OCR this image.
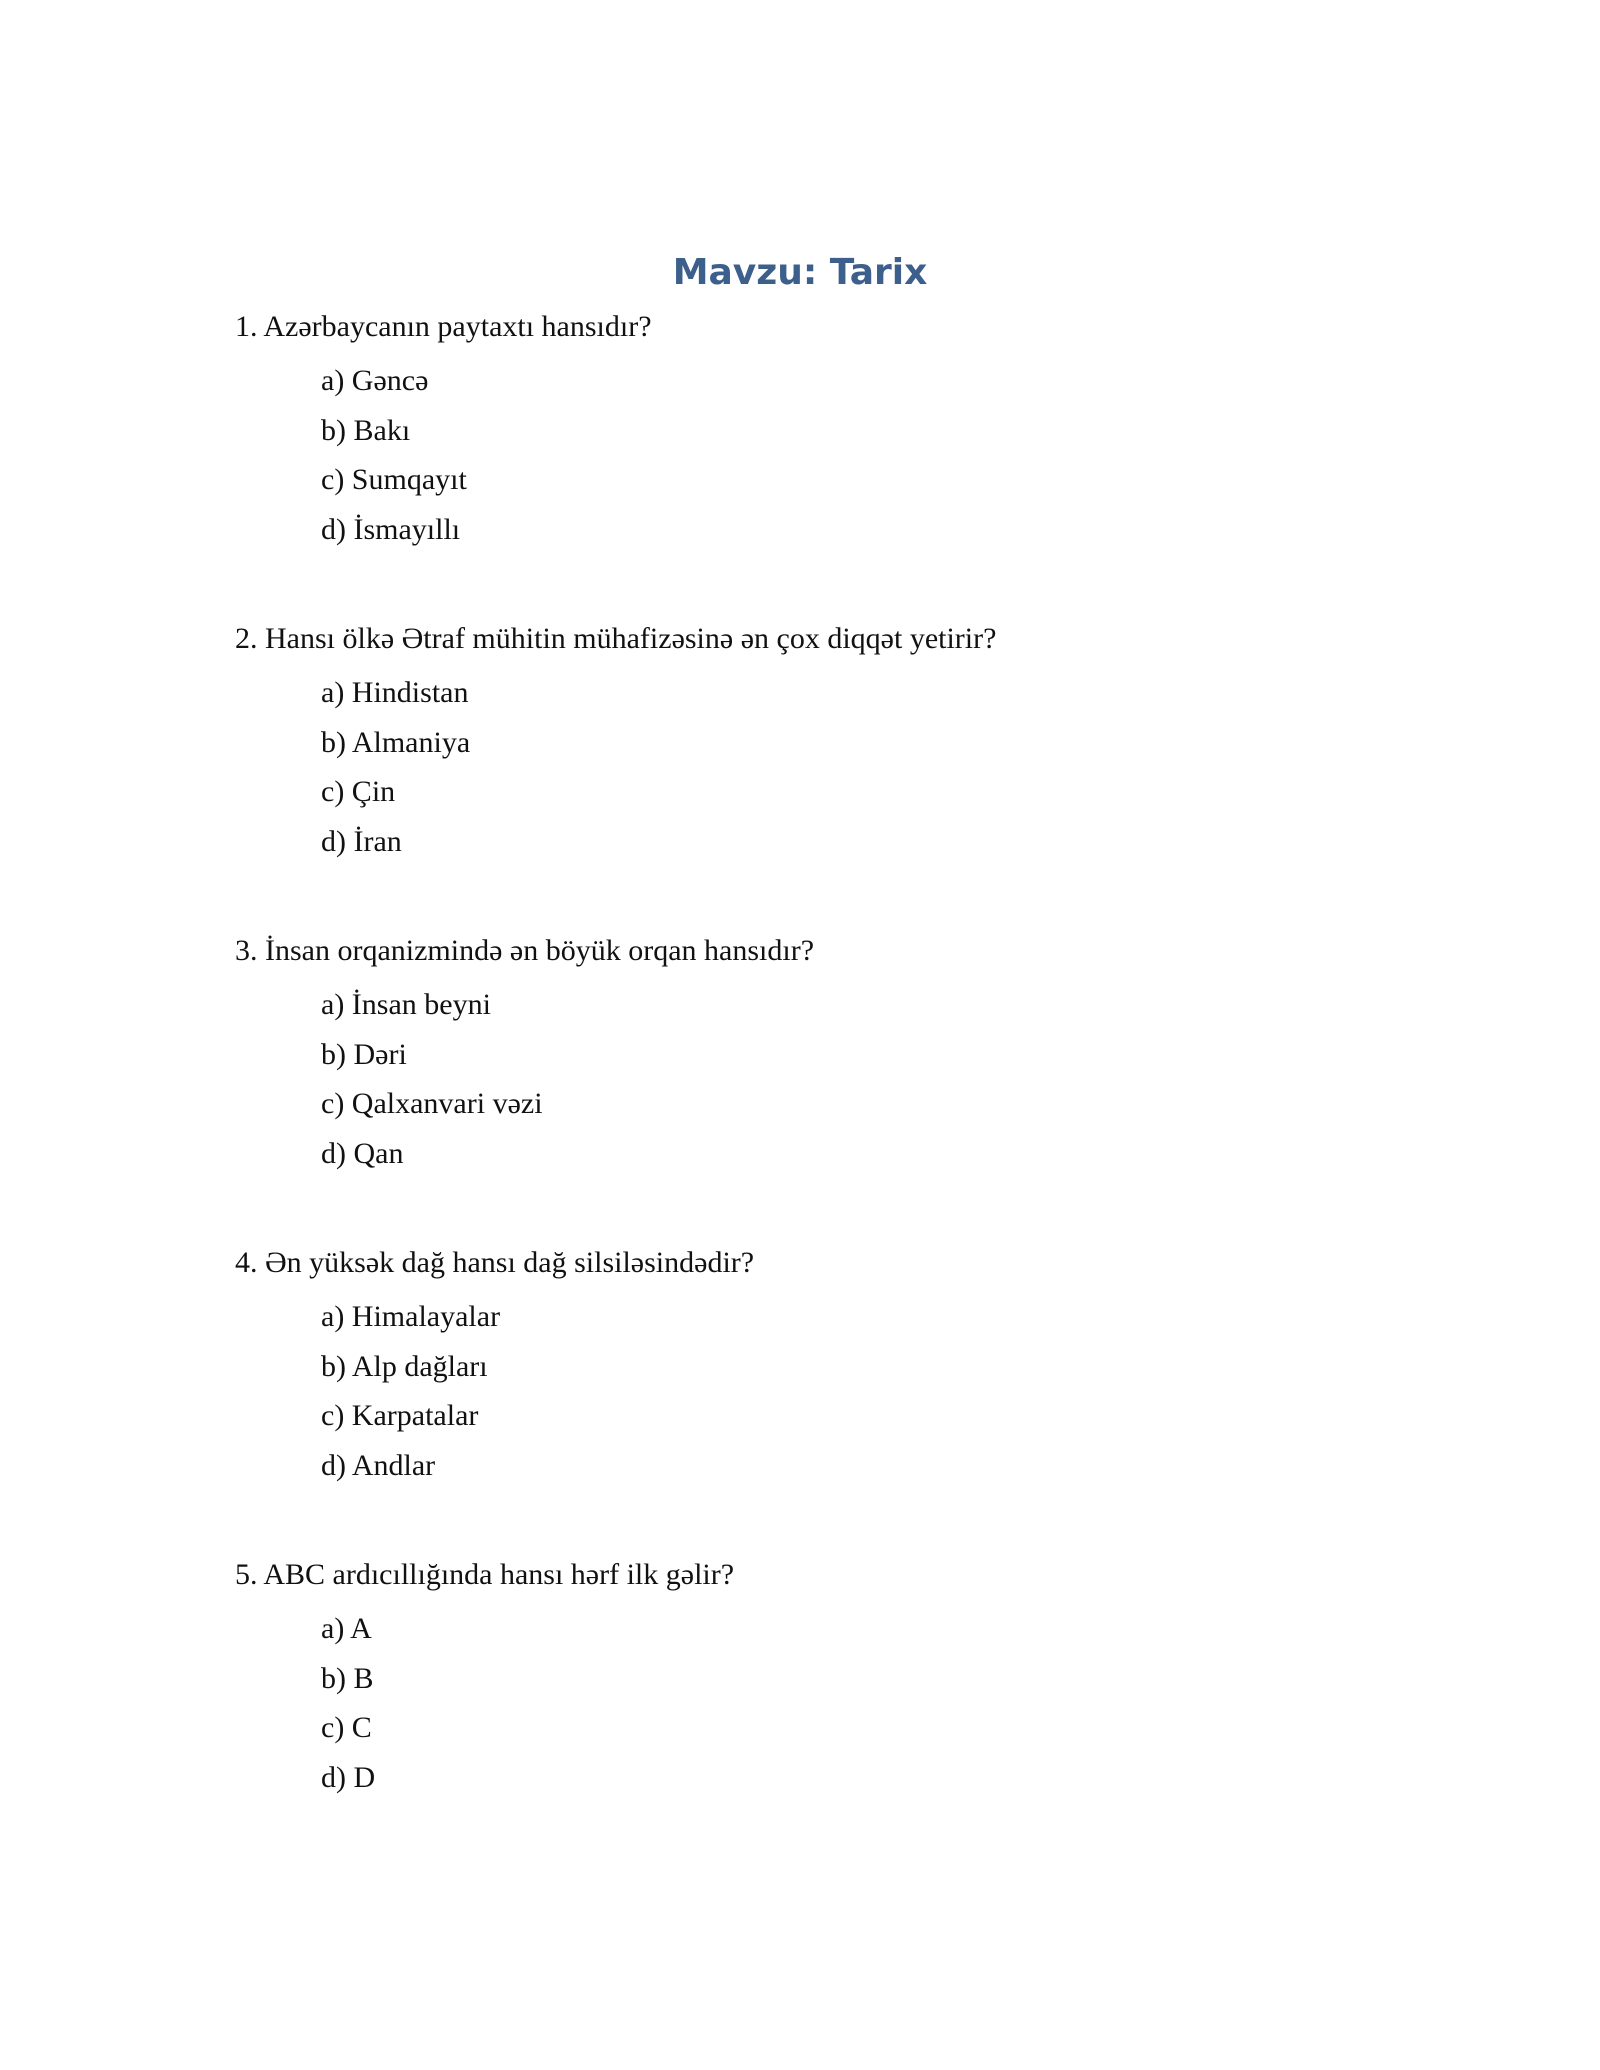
Mavzu: Tarix
1. Azərbaycanın paytaxtı hansıdır?
a) Gəncə
b) Bakı
c) Sumqayıt
d) İsmayıllı
2. Hansı ölkə Ətraf mühitin mühafizəsinə ən çox diqqət yetirir?
a) Hindistan
b) Almaniya
c) Çin
d) İran
3. İnsan orqanizmində ən böyük orqan hansıdır?
a) İnsan beyni
b) Dəri
c) Qalxanvari vəzi
d) Qan
4. Ən yüksək dağ hansı dağ silsiləsindədir?
a) Himalayalar
b) Alp dağları
c) Karpatalar
d) Andlar
5. ABC ardıcıllığında hansı hərf ilk gəlir?
a) A
b) B
c) C
d) D
